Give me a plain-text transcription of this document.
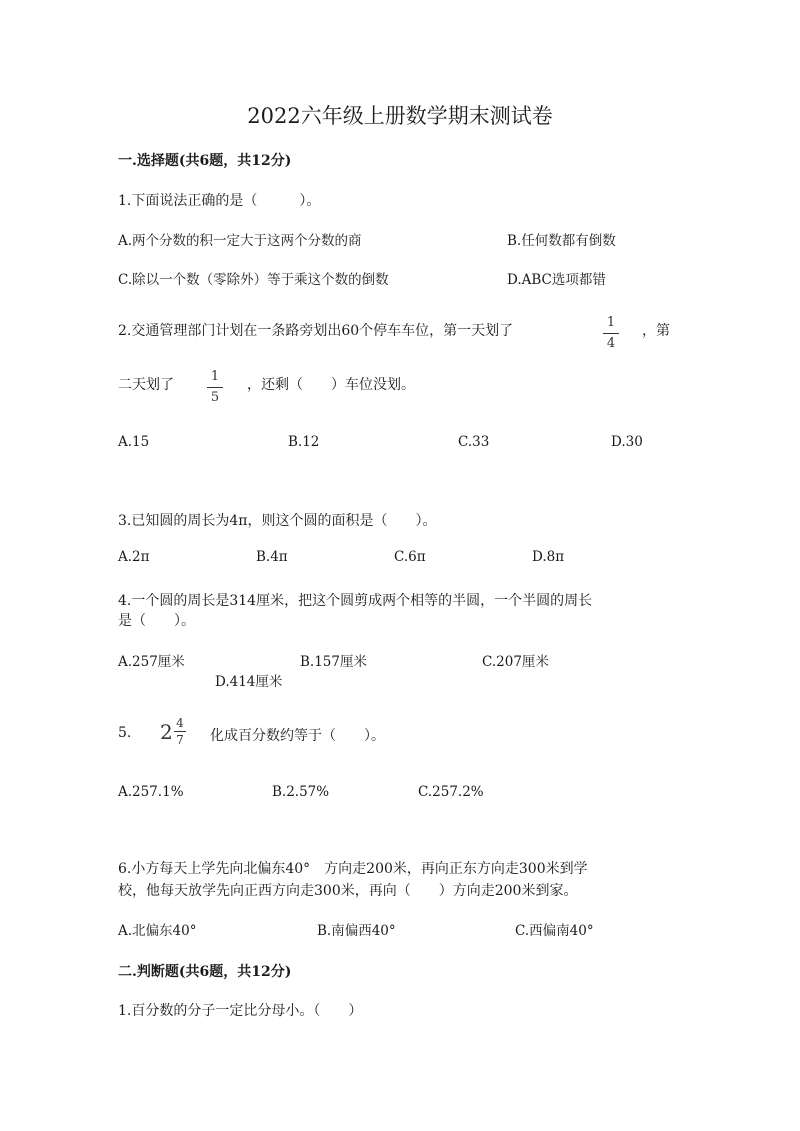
2022六年级上册数学期末测试卷
一.选择题(共6题，共12分)
1.下面说法正确的是（　　　）。
A.两个分数的积一定大于这两个分数的商	B.任何数都有倒数
C.除以一个数（零除外）等于乘这个数的倒数	D.ABC选项都错
2.交通管理部门计划在一条路旁划出60个停车车位，第一天划了
1
4
，第
二天划了
1
5
，还剩（　　）车位没划。
A.15	B.12	C.33	D.30
3.已知圆的周长为4π，则这个圆的面积是（　　）。
A.2π	B.4π	C.6π	D.8π
4.一个圆的周长是314厘米，把这个圆剪成两个相等的半圆，一个半圆的周长
是（　　）。
A.257厘米	B.157厘米	C.207厘米
D.414厘米
5. 2 4
7 化成百分数约等于（　　）。
A.257.1%	B.2.57%	C.257.2%
6.小方每天上学先向北偏东40°　方向走200米，再向正东方向走300米到学
校，他每天放学先向正西方向走300米，再向（　　）方向走200米到家。
A.北偏东40°	B.南偏西40°	C.西偏南40°
二.判断题(共6题，共12分)
1.百分数的分子一定比分母小。（　　）
